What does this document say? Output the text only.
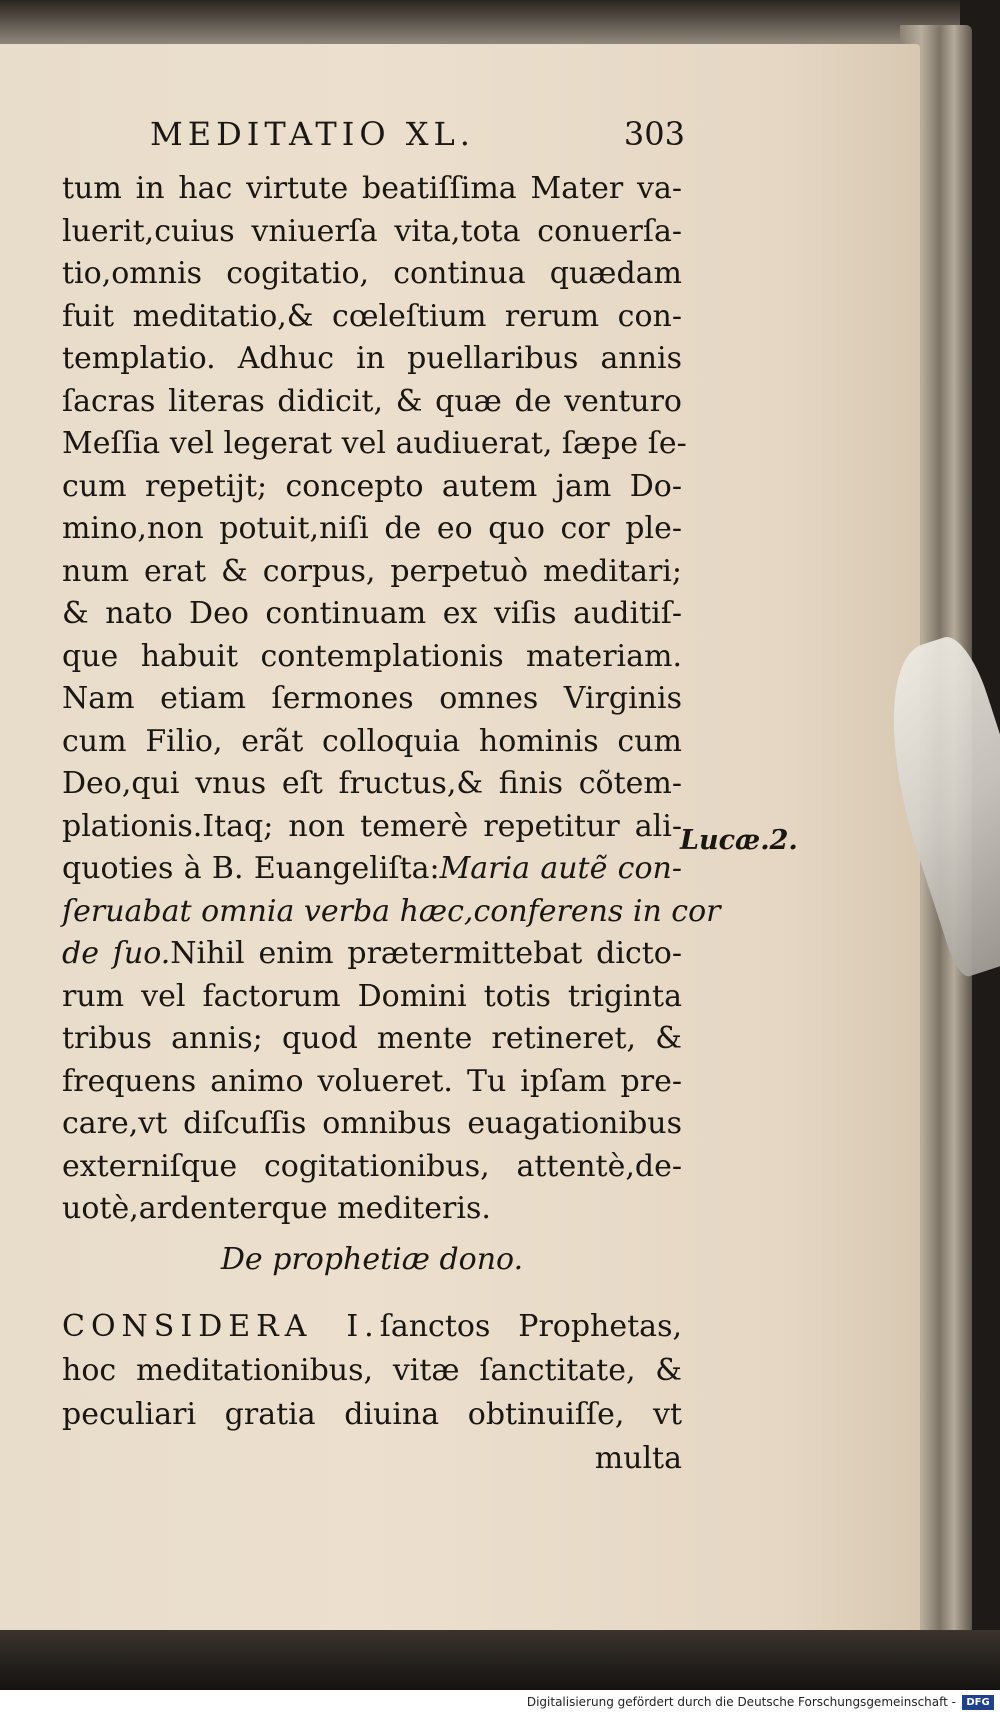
MEDITATIO XL.	303
tum in hac virtute beatiſſima Mater va-
luerit,cuius vniuerſa vita,tota conuerſa-
tio,omnis cogitatio, continua quædam
fuit meditatio,& cœleſtium rerum con-
templatio. Adhuc in puellaribus annis
ſacras literas didicit, & quæ de venturo
Meſſia vel legerat vel audiuerat, ſæpe ſe-
cum repetijt; concepto autem jam Do-
mino,non potuit,niſi de eo quo cor ple-
num erat & corpus, perpetuò meditari;
& nato Deo continuam ex viſis auditiſ-
que habuit contemplationis materiam.
Nam etiam ſermones omnes Virginis
cum Filio, erãt colloquia hominis cum
Deo,qui vnus eſt fructus,& finis cõtem-
plationis.Itaq; non temerè repetitur ali-
quoties à B. Euangeliſta:Maria autẽ con-
ſeruabat omnia verba hæc,conferens in cor
de ſuo.Nihil enim prætermittebat dicto-
rum vel factorum Domini totis triginta
tribus annis; quod mente retineret, &
frequens animo volueret. Tu ipſam pre-
care,vt diſcuſſis omnibus euagationibus
externiſque cogitationibus, attentè,de-
uotè,ardenterque mediteris.
Lucæ.2.
De prophetiæ dono.
CONSIDERA I.ſanctos Prophetas,
hoc meditationibus, vitæ ſanctitate, &
peculiari gratia diuina obtinuiſſe, vt
multa
Digitalisierung gefördert durch die Deutsche Forschungsgemeinschaft -	DFG
